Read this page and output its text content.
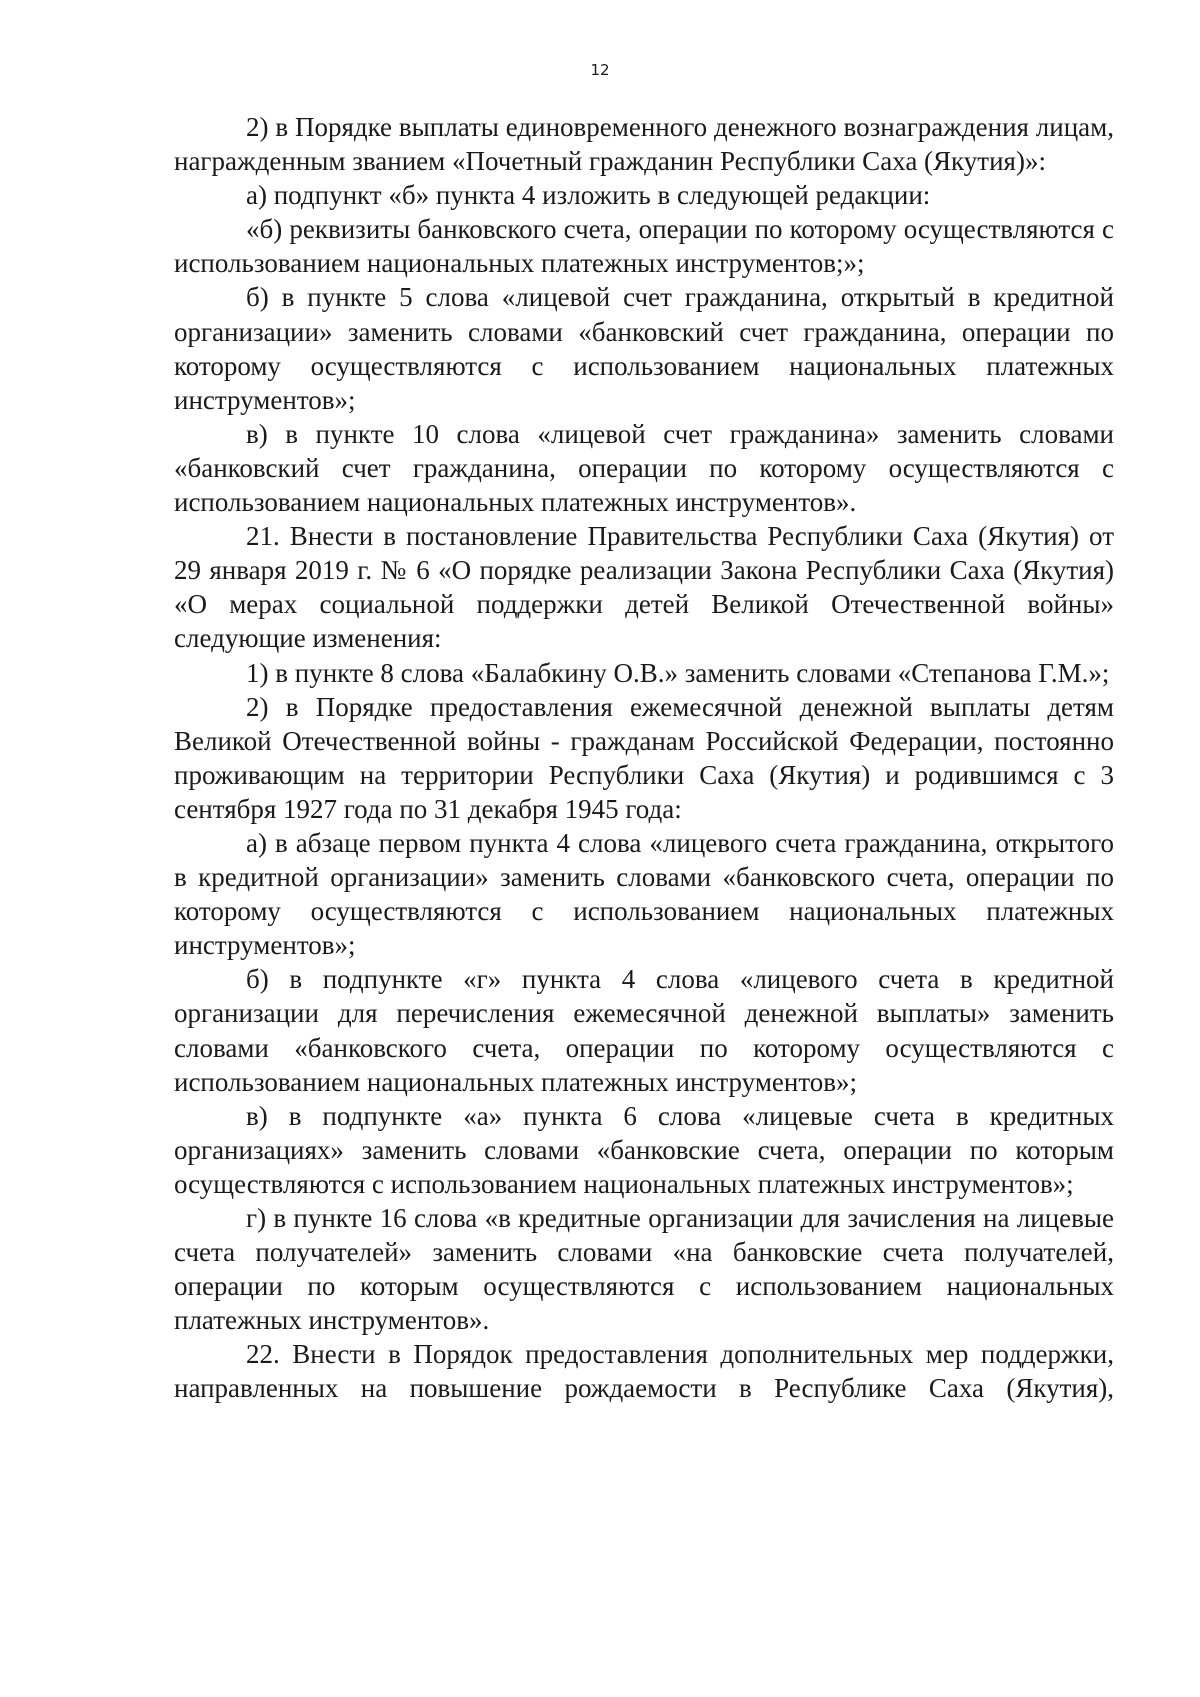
12

2) в Порядке выплаты единовременного денежного вознаграждения лицам, награжденным званием «Почетный гражданин Республики Саха (Якутия)»:

а) подпункт «б» пункта 4 изложить в следующей редакции:

«б) реквизиты банковского счета, операции по которому осуществляются с использованием национальных платежных инструментов;»;

б) в пункте 5 слова «лицевой счет гражданина, открытый в кредитной организации» заменить словами «банковский счет гражданина, операции по которому осуществляются с использованием национальных платежных инструментов»;

в) в пункте 10 слова «лицевой счет гражданина» заменить словами «банковский счет гражданина, операции по которому осуществляются с использованием национальных платежных инструментов».

21. Внести в постановление Правительства Республики Саха (Якутия) от 29 января 2019 г. № 6 «О порядке реализации Закона Республики Саха (Якутия) «О мерах социальной поддержки детей Великой Отечественной войны» следующие изменения:

1) в пункте 8 слова «Балабкину О.В.» заменить словами «Степанова Г.М.»;

2) в Порядке предоставления ежемесячной денежной выплаты детям Великой Отечественной войны - гражданам Российской Федерации, постоянно проживающим на территории Республики Саха (Якутия) и родившимся с 3 сентября 1927 года по 31 декабря 1945 года:

а) в абзаце первом пункта 4 слова «лицевого счета гражданина, открытого в кредитной организации» заменить словами «банковского счета, операции по которому осуществляются с использованием национальных платежных инструментов»;

б) в подпункте «г» пункта 4 слова «лицевого счета в кредитной организации для перечисления ежемесячной денежной выплаты» заменить словами «банковского счета, операции по которому осуществляются с использованием национальных платежных инструментов»;

в) в подпункте «а» пункта 6 слова «лицевые счета в кредитных организациях» заменить словами «банковские счета, операции по которым осуществляются с использованием национальных платежных инструментов»;

г) в пункте 16 слова «в кредитные организации для зачисления на лицевые счета получателей» заменить словами «на банковские счета получателей, операции по которым осуществляются с использованием национальных платежных инструментов».

22. Внести в Порядок предоставления дополнительных мер поддержки, направленных на повышение рождаемости в Республике Саха (Якутия),
